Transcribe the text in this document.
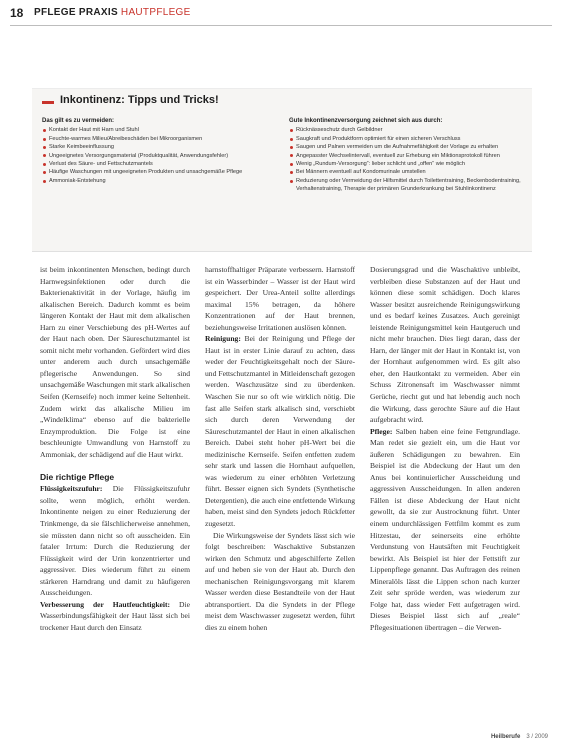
18 PFLEGE PRAXIS HAUTPFLEGE
Inkontinenz: Tipps und Tricks!
Das gilt es zu vermeiden:
Kontakt der Haut mit Harn und Stuhl
Feuchte-warmes Milieu/Abreibeschäden bei Mikroorganismen
Starke Keimbeeinflussung
Ungeeignetes Versorgungsmaterial (Produktqualität, Anwendungsfehler)
Verlust des Säure- und Fettschutzmantels
Häufige Waschungen mit ungeeigneten Produkten und unsachgemäße Pflege
Ammoniak-Entstehung
Gute Inkontinenzversorgung zeichnet sich aus durch:
Rücknässeschutz durch Gelbildner
Saugkraft und Produktform optimiert für einen sicheren Verschluss
Saugen und Palnen vermeiden um die Aufnahmefähigkeit der Vorlage zu erhalten
Angepasster Wechselintervall, eventuell zur Erhebung ein Miktionsprotokoll führen
Wenig „Rundum-Versorgung“: lieber schlicht und „offen“ wie möglich
Bei Männern eventuell auf Kondomurinale umstellen
Reduzierung oder Vermeidung der Hilfsmittel durch Toilettentraining, Beckenbodentraining, Verhaltenstraining, Therapie der primären Grunderkrankung bei Stuhlinkontinenz

ist beim inkontinenten Menschen, bedingt durch Harnwegsinfektionen oder durch die Bakterienaktivität in der Vorlage, häufig im alkalischen Bereich. Dadurch kommt es beim längeren Kontakt der Haut mit dem alkalischen Harn zu einer Verschiebung des pH-Wertes auf der Haut nach oben. Der Säureschutzmantel ist somit nicht mehr vorhanden. Gefördert wird dies unter anderem auch durch unsachgemäße pflegerische Anwendungen. So sind unsachgemäße Waschungen mit stark alkalischen Seifen (Kernseife) noch immer keine Seltenheit. Zudem wirkt das alkalische Milieu im „Windelklima“ ebenso auf die bakterielle Enzymproduktion. Die Folge ist eine beschleunigte Umwandlung von Harnstoff zu Ammoniak, der schädigend auf die Haut wirkt.

Die richtige Pflege

Flüssigkeitszufuhr: Die Flüssigkeitszufuhr sollte, wenn möglich, erhöht werden. Inkontinente neigen zu einer Reduzierung der Trinkmenge, da sie fälschlicherweise annehmen, sie müssten dann nicht so oft ausscheiden. Ein fataler Irrtum: Durch die Reduzierung der Flüssigkeit wird der Urin konzentrierter und aggressiver. Dies wiederum führt zu einem stärkeren Harndrang und damit zu häufigeren Ausscheidungen.

Verbesserung der Hautfeuchtigkeit: Die Wasserbindungsfähigkeit der Haut lässt sich bei trockener Haut durch den Einsatz

harnstoffhaltiger Präparate verbessern. Harnstoff ist ein Wasserbinder – Wasser ist der Haut wird gespeichert. Der Urea-Anteil sollte allerdings maximal 15% betragen, da höhere Konzentrationen auf der Haut brennen, beziehungsweise Irritationen auslösen können.

Reinigung: Bei der Reinigung und Pflege der Haut ist in erster Linie darauf zu achten, dass weder der Feuchtigkeitsgehalt noch der Säure- und Fettschutzmantel in Mitleidenschaft gezogen werden. Waschzusätze sind zu überdenken. Waschen Sie nur so oft wie wirklich nötig. Die fast alle Seifen stark alkalisch sind, verschiebt sich durch deren Verwendung der Säureschutzmantel der Haut in einen alkalischen Bereich. Dabei steht hoher pH-Wert bei die medizinische Kernseife. Seifen entfetten zudem sehr stark und lassen die Hornhaut aufquellen, was wiederum zu einer erhöhten Verletzung führt. Besser eignen sich Syndets (Synthetische Detergentien), die auch eine entfettende Wirkung haben, meist sind den Syndets jedoch Rückfetter zugesetzt.

Die Wirkungsweise der Syndets lässt sich wie folgt beschreiben: Waschaktive Substanzen wirken den Schmutz und abgeschilferte Zellen auf und heben sie von der Haut ab. Durch den mechanischen Reinigungsvorgang mit klarem Wasser werden diese Bestandteile von der Haut abtransportiert. Da die Syndets in der Pflege meist dem Waschwasser zugesetzt werden, führt dies zu einem hohen

Dosierungsgrad und die Waschaktive unbleibt, verbleiben diese Substanzen auf der Haut und können diese somit schädigen. Doch klares Wasser besitzt ausreichende Reinigungswirkung und es bedarf keines Zusatzes. Auch gereinigt leistende Reinigungsmittel kein Hautgeruch und nicht mehr brauchen. Dies liegt daran, dass der Harn, der länger mit der Haut in Kontakt ist, von der Hornhaut aufgenommen wird. Es gilt also eher, den Hautkontakt zu vermeiden. Aber ein Schuss Zitronensaft im Waschwasser nimmt Gerüche, riecht gut und hat lebendig auch noch die Wirkung, dass gerochte Säure auf die Haut aufgebracht wird.

Pflege: Salben haben eine feine Fettgrundlage. Man redet sie gezielt ein, um die Haut vor äußeren Schädigungen zu bewahren. Ein Beispiel ist die Abdeckung der Haut um den Anus bei kontinuierlicher Ausscheidung und aggressiven Ausscheidungen. In allen anderen Fällen ist diese Abdeckung der Haut nicht gewollt, da sie zur Austrocknung führt. Unter einem undurchlässigen Fettfilm kommt es zum Hitzestau, der seinerseits eine erhöhte Verdunstung von Hautsäften mit Feuchtigkeit bewirkt. Als Beispiel ist hier der Fettstift zur Lippenpflege genannt. Das Auftragen des reinen Mineralöls lässt die Lippen schon nach kurzer Zeit sehr spröde werden, was wiederum zur Folge hat, dass wieder Fett aufgetragen wird. Dieses Beispiel lässt sich auf „reale“ Pflegesituationen übertragen – die Verwen-

Heilberufe 3 / 2009
